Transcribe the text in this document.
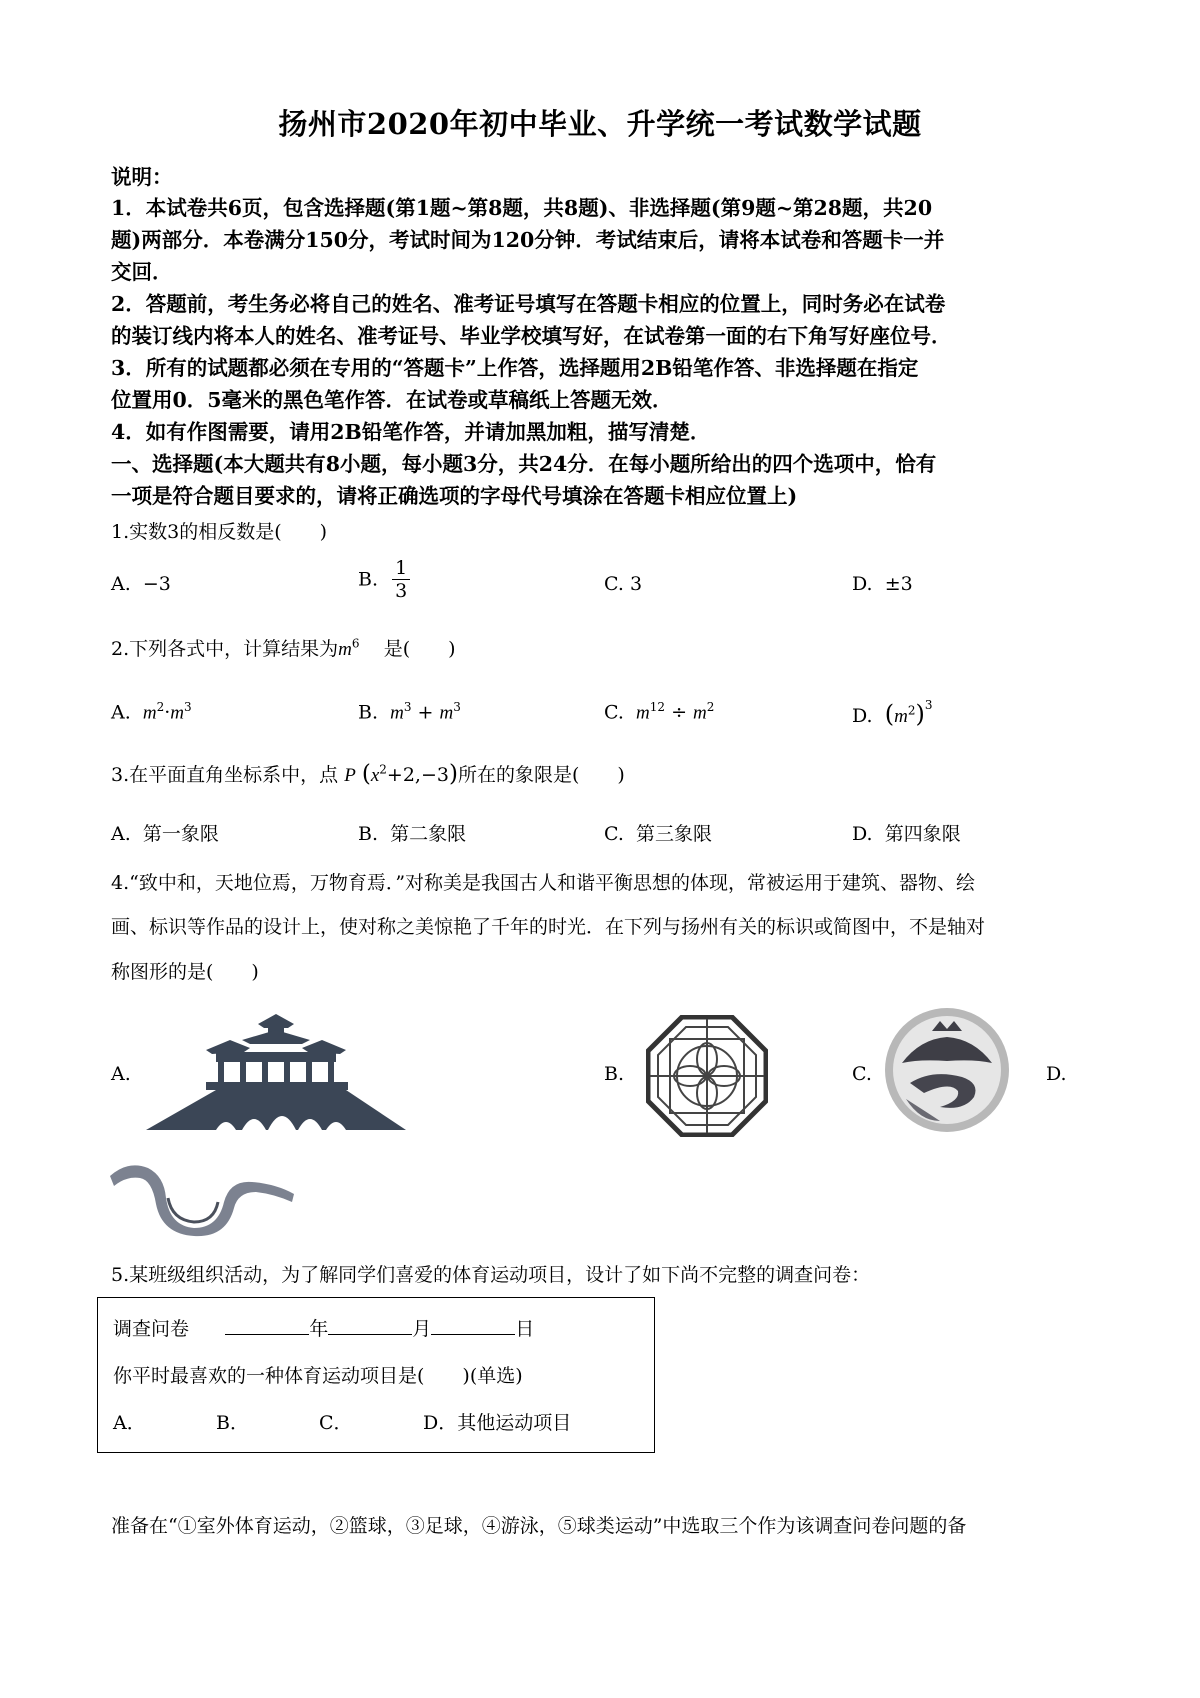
扬州市2020年初中毕业、升学统一考试数学试题
说明：
1．本试卷共6页，包含选择题(第1题~第8题，共8题)、非选择题(第9题~第28题，共20
题)两部分．本卷满分150分，考试时间为120分钟．考试结束后，请将本试卷和答题卡一并
交回．
2．答题前，考生务必将自己的姓名、准考证号填写在答题卡相应的位置上，同时务必在试卷
的装订线内将本人的姓名、准考证号、毕业学校填写好，在试卷第一面的右下角写好座位号．
3．所有的试题都必须在专用的“答题卡”上作答，选择题用2B铅笔作答、非选择题在指定
位置用0．5毫米的黑色笔作答．在试卷或草稿纸上答题无效．
4．如有作图需要，请用2B铅笔作答，并请加黑加粗，描写清楚．
一、选择题(本大题共有8小题，每小题3分，共24分．在每小题所给出的四个选项中，恰有
一项是符合题目要求的，请将正确选项的字母代号填涂在答题卡相应位置上)
1.实数3的相反数是(　　)
A. −3	B. $\frac{1}{3}$	C. 3	D. ±3
2.下列各式中，计算结果为$m^6$ 是(　　)
A. $m^2\cdot m^3$	B. $m^3 + m^3$	C. $m^{12} \div m^2$	D. $(m^2)^3$
3.在平面直角坐标系中，点 P $(x^2+2,-3)$所在的象限是(　　)
A. 第一象限	B. 第二象限	C. 第三象限	D. 第四象限
4.“致中和，天地位焉，万物育焉．”对称美是我国古人和谐平衡思想的体现，常被运用于建筑、器物、绘
画、标识等作品的设计上，使对称之美惊艳了千年的时光．在下列与扬州有关的标识或简图中，不是轴对
称图形的是(　　)
A.	B.	C.	D.
5.某班级组织活动，为了解同学们喜爱的体育运动项目，设计了如下尚不完整的调查问卷：
调查问卷	年	月	日
你平时最喜欢的一种体育运动项目是(　　)(单选)
A．	B．	C．	D．其他运动项目
准备在“①室外体育运动，②篮球，③足球，④游泳，⑤球类运动”中选取三个作为该调查问卷问题的备
